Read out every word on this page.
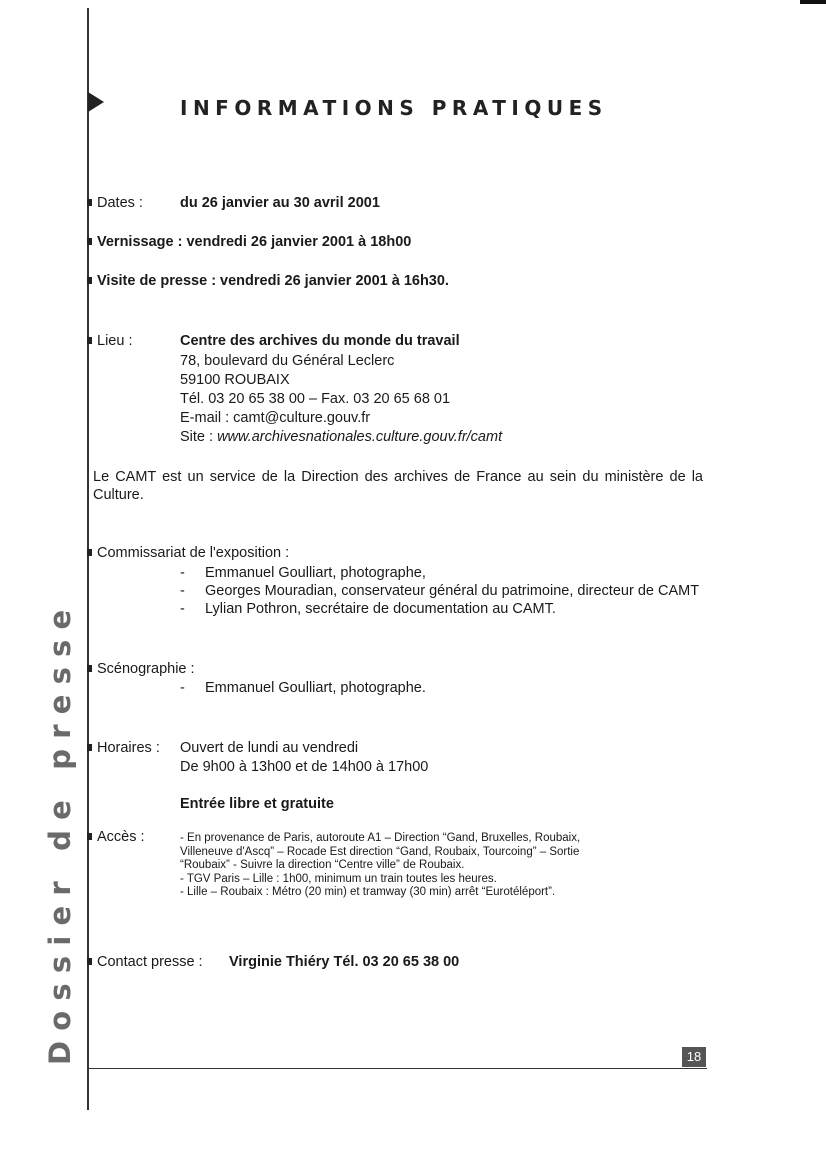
INFORMATIONS PRATIQUES
Dossier de presse
Dates :	du 26 janvier au 30 avril 2001
Vernissage : vendredi 26 janvier 2001 à 18h00
Visite de presse : vendredi 26 janvier 2001 à 16h30.
Lieu :	Centre des archives du monde du travail
78, boulevard du Général Leclerc
59100 ROUBAIX
Tél. 03 20 65 38 00 – Fax. 03 20 65 68 01
E-mail : camt@culture.gouv.fr
Site : www.archivesnationales.culture.gouv.fr/camt
Le CAMT est un service de la Direction des archives de France au sein du ministère de la Culture.
Commissariat de l'exposition :
- Emmanuel Goulliart, photographe,
- Georges Mouradian, conservateur général du patrimoine, directeur de CAMT
- Lylian Pothron, secrétaire de documentation au CAMT.
Scénographie :
- Emmanuel Goulliart, photographe.
Horaires : Ouvert de lundi au vendredi
De 9h00 à 13h00 et de 14h00 à 17h00
Entrée libre et gratuite
Accès :	- En provenance de Paris, autoroute A1 – Direction “Gand, Bruxelles, Roubaix,
Villeneuve d'Ascq” – Rocade Est direction “Gand, Roubaix, Tourcoing” – Sortie
“Roubaix” - Suivre la direction “Centre ville” de Roubaix.
- TGV Paris – Lille : 1h00, minimum un train toutes les heures.
- Lille – Roubaix : Métro (20 min) et tramway (30 min) arrêt “Eurotéléport”.
Contact presse : Virginie Thiéry Tél. 03 20 65 38 00
18
